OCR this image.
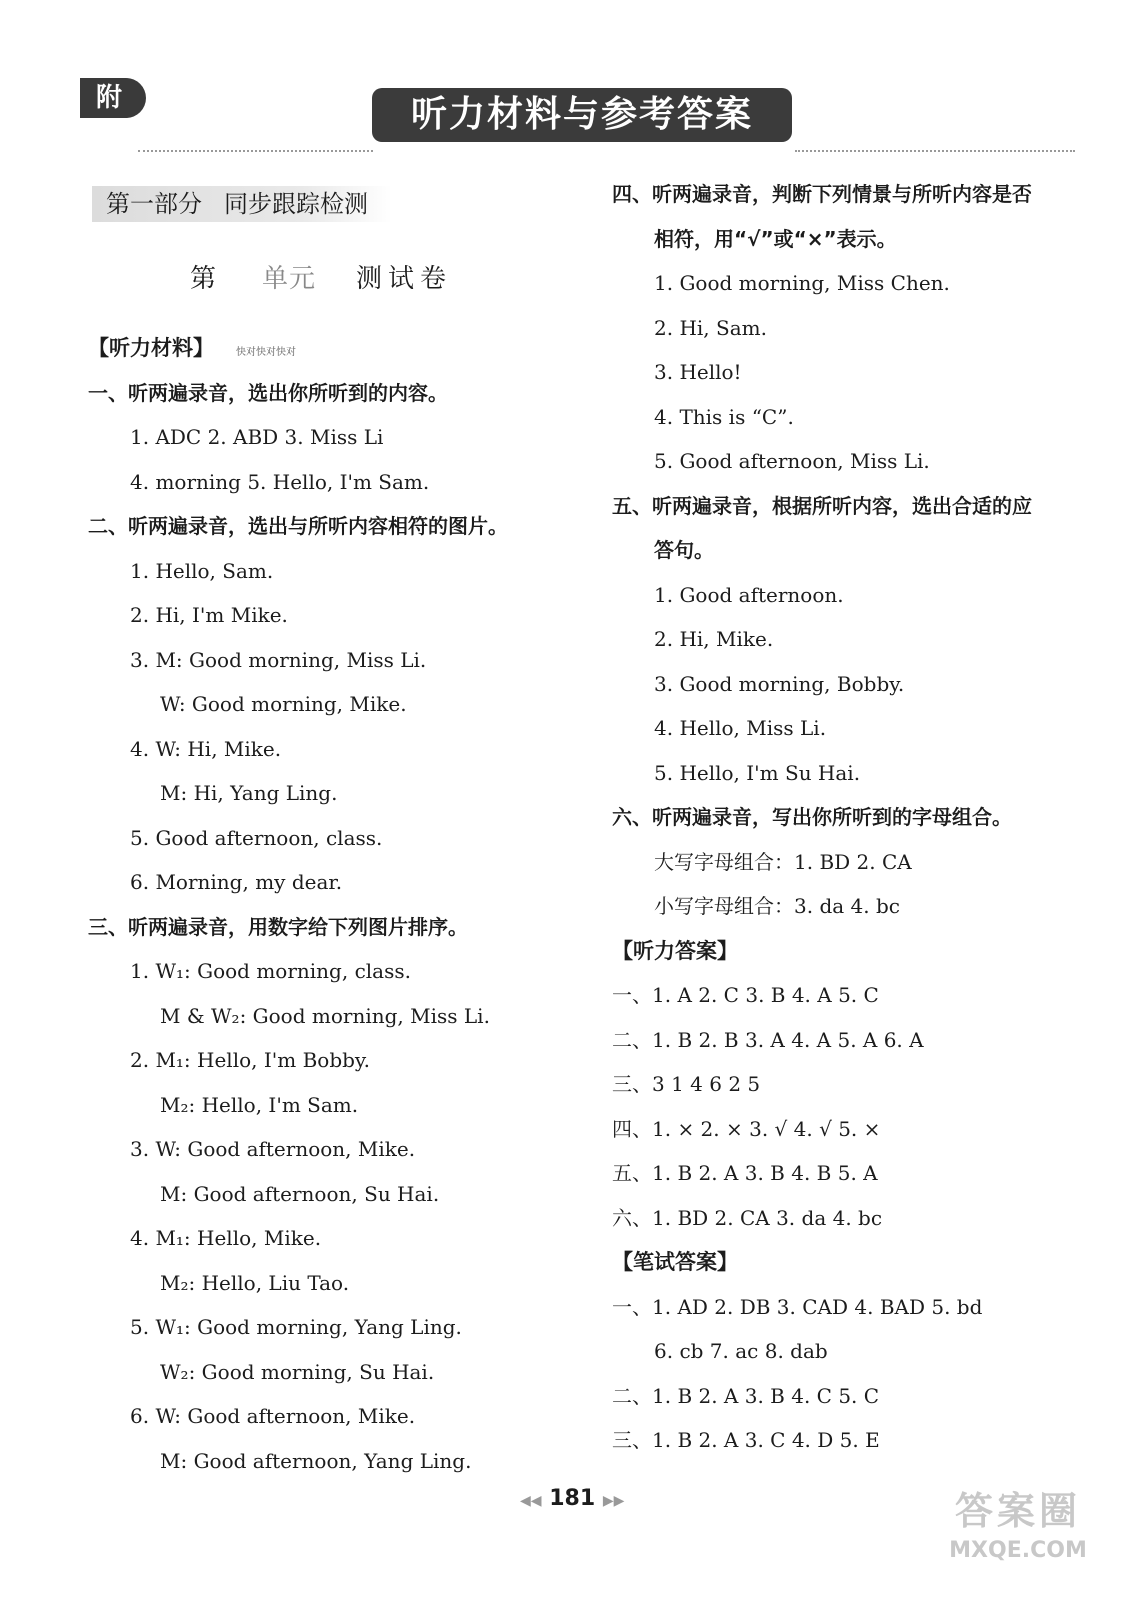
附	听力材料与参考答案
第一部分 同步跟踪检测
第 单元 测试卷
【听力材料】 快对快对快对
一、听两遍录音，选出你所听到的内容。
1. ADC 2. ABD 3. Miss Li
4. morning 5. Hello, I'm Sam.
二、听两遍录音，选出与所听内容相符的图片。
1. Hello, Sam.
2. Hi, I'm Mike.
3. M: Good morning, Miss Li.
W: Good morning, Mike.
4. W: Hi, Mike.
M: Hi, Yang Ling.
5. Good afternoon, class.
6. Morning, my dear.
三、听两遍录音，用数字给下列图片排序。
1. W₁: Good morning, class.
M & W₂: Good morning, Miss Li.
2. M₁: Hello, I'm Bobby.
M₂: Hello, I'm Sam.
3. W: Good afternoon, Mike.
M: Good afternoon, Su Hai.
4. M₁: Hello, Mike.
M₂: Hello, Liu Tao.
5. W₁: Good morning, Yang Ling.
W₂: Good morning, Su Hai.
6. W: Good afternoon, Mike.
M: Good afternoon, Yang Ling.
四、听两遍录音，判断下列情景与所听内容是否
相符，用“√”或“×”表示。
1. Good morning, Miss Chen.
2. Hi, Sam.
3. Hello!
4. This is “C”.
5. Good afternoon, Miss Li.
五、听两遍录音，根据所听内容，选出合适的应
答句。
1. Good afternoon.
2. Hi, Mike.
3. Good morning, Bobby.
4. Hello, Miss Li.
5. Hello, I'm Su Hai.
六、听两遍录音，写出你所听到的字母组合。
大写字母组合：1. BD 2. CA
小写字母组合：3. da 4. bc
【听力答案】
一、1. A 2. C 3. B 4. A 5. C
二、1. B 2. B 3. A 4. A 5. A 6. A
三、3 1 4 6 2 5
四、1. × 2. × 3. √ 4. √ 5. ×
五、1. B 2. A 3. B 4. B 5. A
六、1. BD 2. CA 3. da 4. bc
【笔试答案】
一、1. AD 2. DB 3. CAD 4. BAD 5. bd
6. cb 7. ac 8. dab
二、1. B 2. A 3. B 4. C 5. C
三、1. B 2. A 3. C 4. D 5. E
◀◀ 181 ▶▶	答案圈
MXQE.COM
